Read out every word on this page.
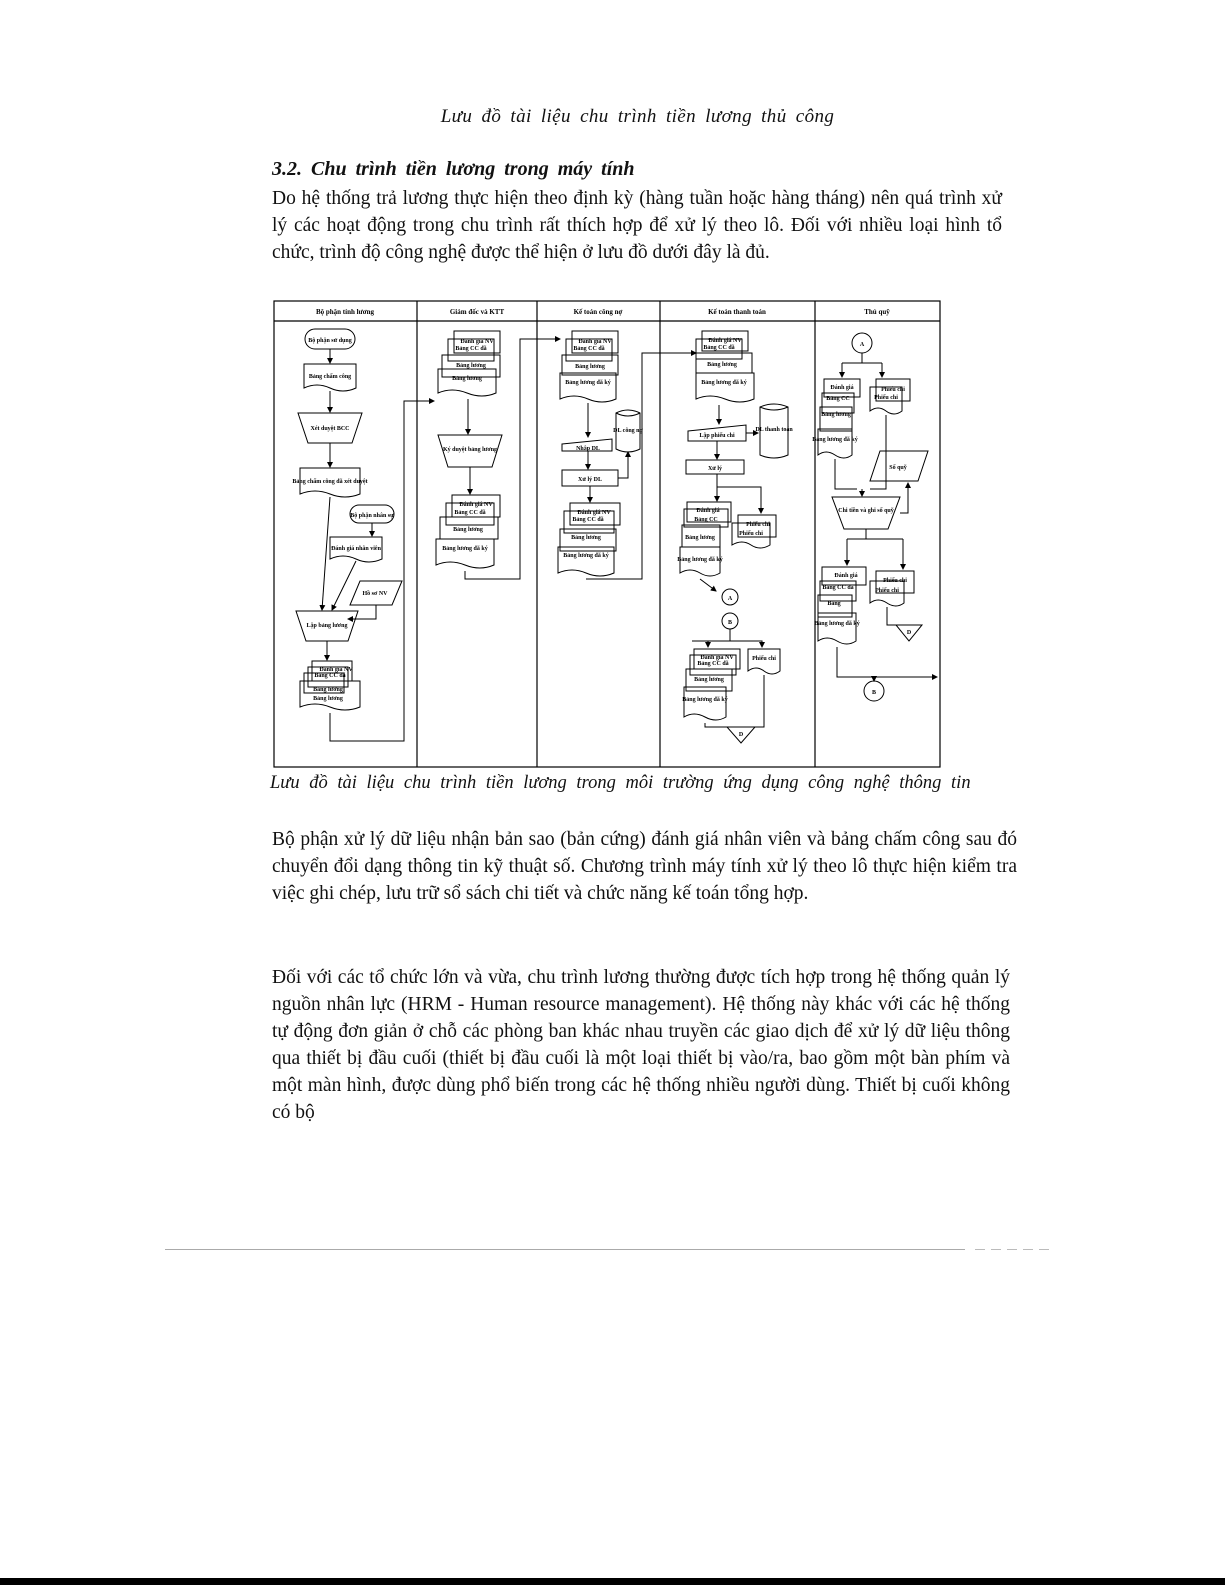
Lưu đồ tài liệu chu trình tiền lương thủ công
3.2. Chu trình tiền lương trong máy tính

Do hệ thống trả lương thực hiện theo định kỳ (hàng tuần hoặc hàng tháng) nên quá trình xử lý các hoạt động trong chu trình rất thích hợp để xử lý theo lô. Đối với nhiều loại hình tổ chức, trình độ công nghệ được thể hiện ở lưu đồ dưới đây là đủ.

Bộ phận tính lương	Giám đốc và KTT	Kế toán công nợ	Kế toán thanh toán	Thủ quỹ
Bộ phận sử dụng
Bảng chấm công
Xét duyệt BCC
Bảng chấm công đã xét duyệt
Bộ phận nhân sự
Đánh giá nhân viên
Hồ sơ NV
Lập bảng lương
Đánh giá NV
Bảng CC đã
Bảng lương
Bảng lương
Đánh giá NV
Bảng CC đã
Bảng lương
Bảng lương
Ký duyệt bảng lương
Đánh giá NV
Bảng CC đã
Bảng lương
Bảng lương đã ký
Đánh giá NV
Bảng CC đã
Bảng lương
Bảng lương đã ký
DL công nợ
Nhập DL
Xử lý DL
Đánh giá NV
Bảng CC đã
Bảng lương
Bảng lương đã ký
Đánh giá NV
Bảng CC đã
Bảng lương
Bảng lương đã ký
Lập phiếu chi
DL thanh toán
Xử lý
Đánh giá
Bảng CC
Bảng lương
Bảng lương đã ký
Phiếu chi
Phiếu chi
A
B
Đánh giá NV
Bảng CC đã
Bảng lương
Bảng lương đã ký
Phiếu chi
D
A
Đánh giá
Bảng CC
Bảng lương
Bảng lương đã ký
Phiếu chi
Phiếu chi
Sổ quỹ
Chi tiền và ghi sổ quỹ
Đánh giá
Bảng CC đã
Bảng
Bảng lương đã ký
Phiếu chi
Phiếu chi
D
B
Lưu đồ tài liệu chu trình tiền lương trong môi trường ứng dụng công nghệ thông tin

Bộ phận xử lý dữ liệu nhận bản sao (bản cứng) đánh giá nhân viên và bảng chấm công sau đó chuyển đổi dạng thông tin kỹ thuật số. Chương trình máy tính xử lý theo lô thực hiện kiểm tra việc ghi chép, lưu trữ sổ sách chi tiết và chức năng kế toán tổng hợp.

Đối với các tổ chức lớn và vừa, chu trình lương thường được tích hợp trong hệ thống quản lý nguồn nhân lực (HRM - Human resource management). Hệ thống này khác với các hệ thống tự động đơn giản ở chỗ các phòng ban khác nhau truyền các giao dịch để xử lý dữ liệu thông qua thiết bị đầu cuối (thiết bị đầu cuối là một loại thiết bị vào/ra, bao gồm một bàn phím và một màn hình, được dùng phổ biến trong các hệ thống nhiều người dùng. Thiết bị cuối không có bộ
